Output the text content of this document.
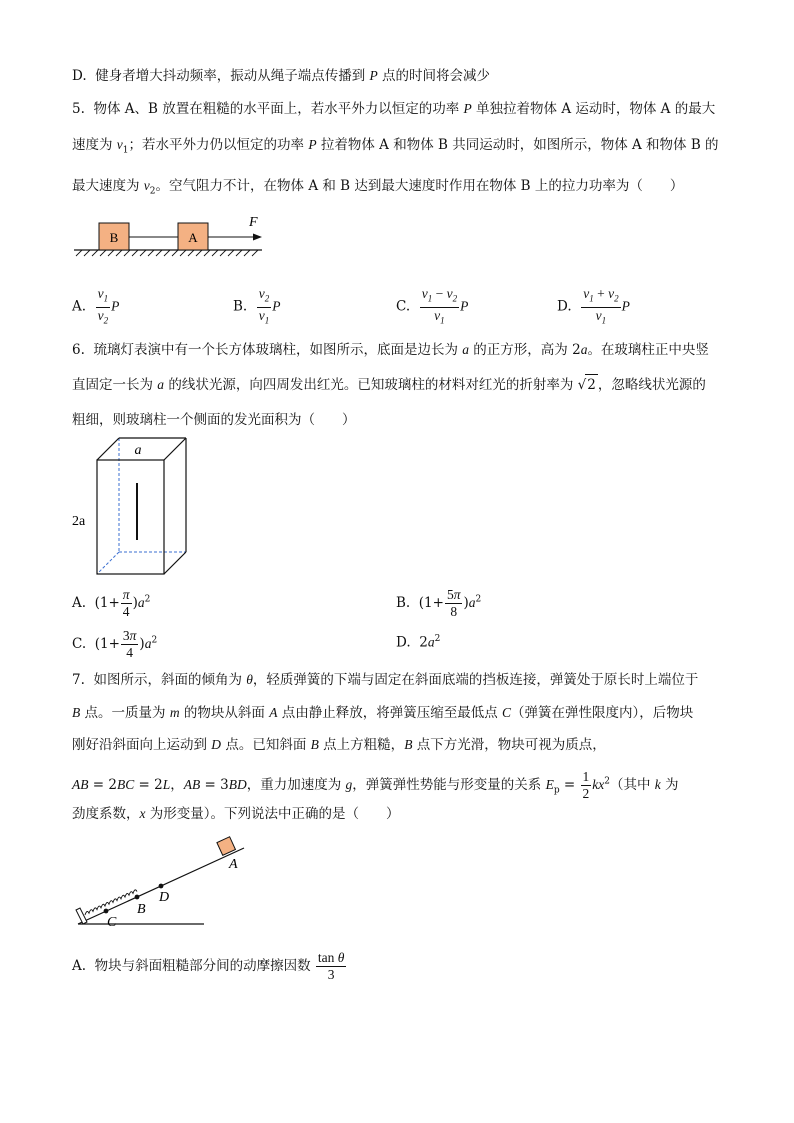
D.  健身者增大抖动频率，振动从绳子端点传播到 P 点的时间将会减少
5.  物体 A、B 放置在粗糙的水平面上，若水平外力以恒定的功率 P 单独拉着物体 A 运动时，物体 A 的最大
速度为 $v_1$；若水平外力仍以恒定的功率 P 拉着物体 A 和物体 B 共同运动时，如图所示，物体 A 和物体 B 的
最大速度为 $v_2$。空气阻力不计，在物体 A 和 B 达到最大速度时作用在物体 B 上的拉力功率为（　　）
B	A
F
A. $\frac{v_1}{v_2}$ P	B. $\frac{v_2}{v_1}$ P	C. $\frac{v_1 - v_2}{v_1}$ P	D. $\frac{v_1 + v_2}{v_1}$ P
6.  琉璃灯表演中有一个长方体玻璃柱，如图所示，底面是边长为 a 的正方形，高为 2a。在玻璃柱正中央竖
直固定一长为 a 的线状光源，向四周发出红光。已知玻璃柱的材料对红光的折射率为 √2 ，忽略线状光源的
粗细，则玻璃柱一个侧面的发光面积为（　　）
a
2a
A.  $(1+ \frac{\pi}{4} )a^2$	B.  $(1+ \frac{5\pi}{8} )a^2$
C.  $(1+ \frac{3\pi}{4} )a^2$	D.  $2a^2$
7.  如图所示，斜面的倾角为 θ，轻质弹簧的下端与固定在斜面底端的挡板连接，弹簧处于原长时上端位于
B 点。一质量为 m 的物块从斜面 A 点由静止释放，将弹簧压缩至最低点 C（弹簧在弹性限度内），后物块
刚好沿斜面向上运动到 D 点。已知斜面 B 点上方粗糙，B 点下方光滑，物块可视为质点，
AB = 2BC = 2L，AB = 3BD，重力加速度为 g，弹簧弹性势能与形变量的关系 $E_p = \frac{1}{2} kx^2$（其中 k 为
劲度系数，x 为形变量）。下列说法中正确的是（　　）
A
B
C
D
A.  物块与斜面粗糙部分间的动摩擦因数 $\frac{\text{tan θ}}{3}$
